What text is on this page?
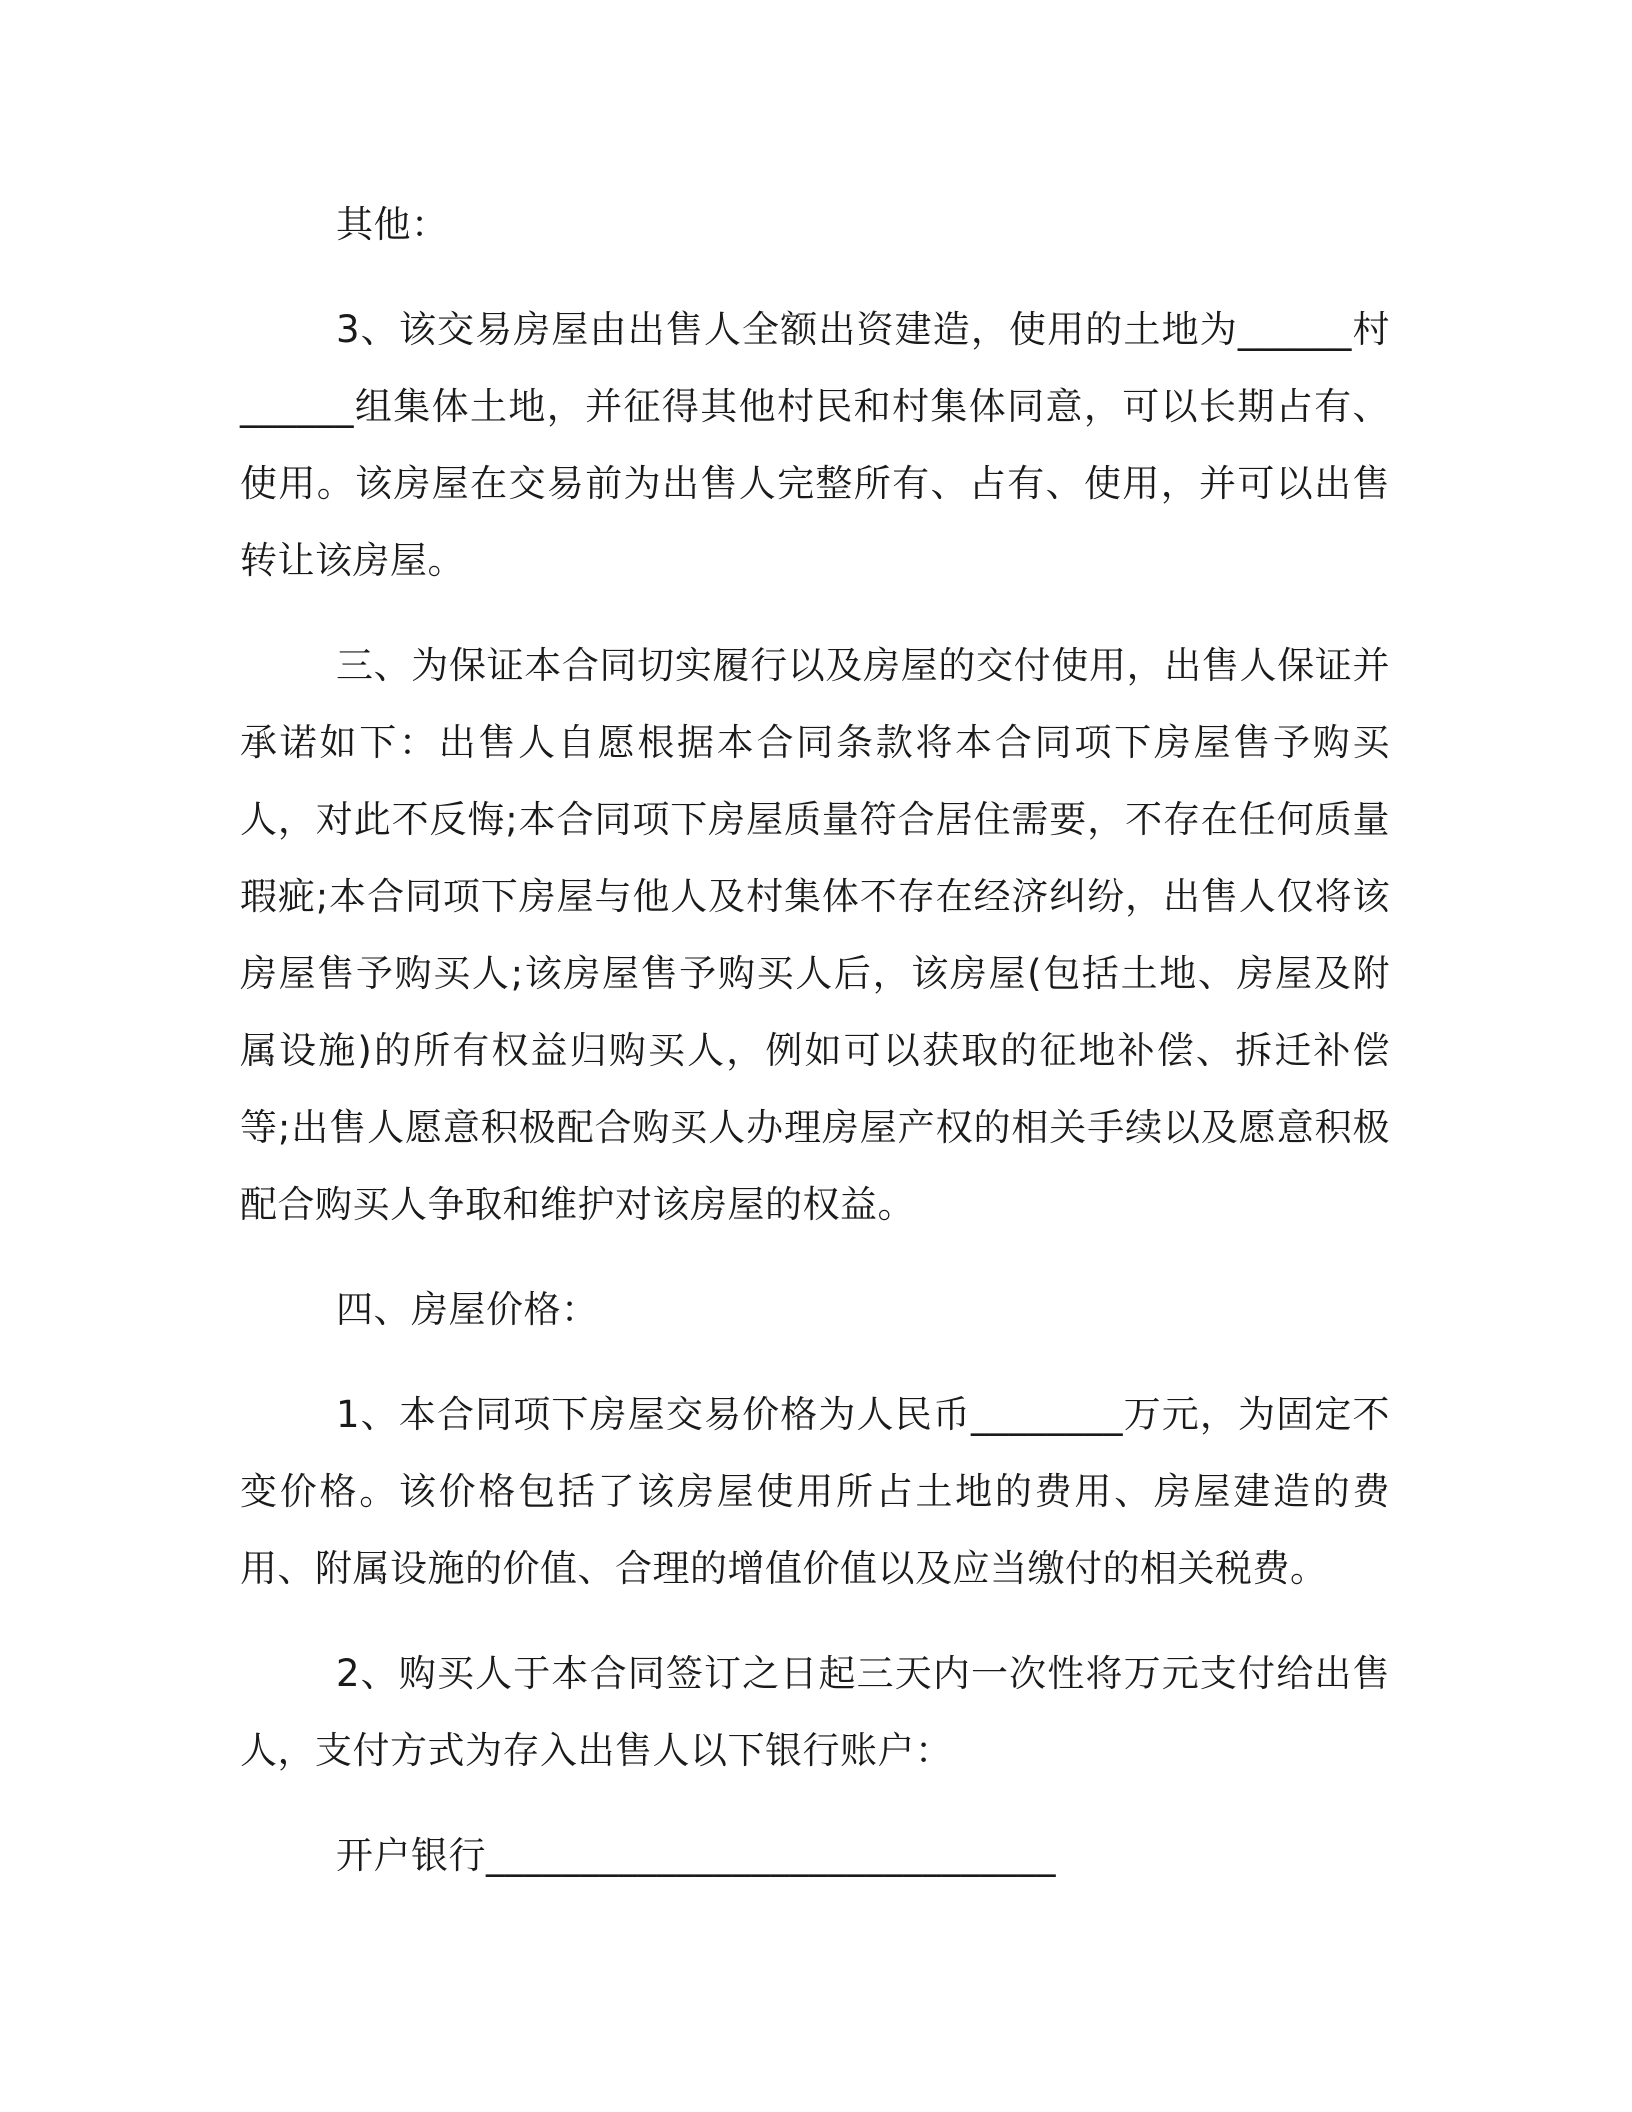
其他：

3、该交易房屋由出售人全额出资建造，使用的土地为______村______组集体土地，并征得其他村民和村集体同意，可以长期占有、使用。该房屋在交易前为出售人完整所有、占有、使用，并可以出售转让该房屋。

三、为保证本合同切实履行以及房屋的交付使用，出售人保证并承诺如下：出售人自愿根据本合同条款将本合同项下房屋售予购买人，对此不反悔;本合同项下房屋质量符合居住需要，不存在任何质量瑕疵;本合同项下房屋与他人及村集体不存在经济纠纷，出售人仅将该房屋售予购买人;该房屋售予购买人后，该房屋(包括土地、房屋及附属设施)的所有权益归购买人，例如可以获取的征地补偿、拆迁补偿等;出售人愿意积极配合购买人办理房屋产权的相关手续以及愿意积极配合购买人争取和维护对该房屋的权益。

四、房屋价格：

1、本合同项下房屋交易价格为人民币________万元，为固定不变价格。该价格包括了该房屋使用所占土地的费用、房屋建造的费用、附属设施的价值、合理的增值价值以及应当缴付的相关税费。

2、购买人于本合同签订之日起三天内一次性将万元支付给出售人，支付方式为存入出售人以下银行账户：

开户银行______________________________
